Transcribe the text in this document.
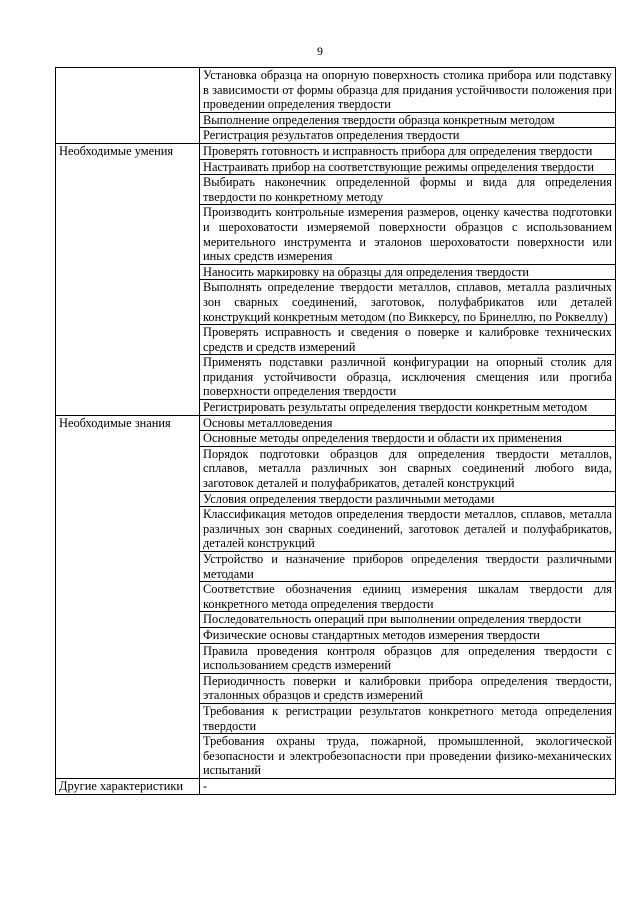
9
	Установка образца на опорную поверхность столика прибора или подставку в зависимости от формы образца для придания устойчивости положения при проведении определения твердости
	Выполнение определения твердости образца конкретным методом
	Регистрация результатов определения твердости
Необходимые умения	Проверять готовность и исправность прибора для определения твердости
	Настраивать прибор на соответствующие режимы определения твердости
	Выбирать наконечник определенной формы и вида для определения твердости по конкретному методу
	Производить контрольные измерения размеров, оценку качества подготовки и шероховатости измеряемой поверхности образцов с использованием мерительного инструмента и эталонов шероховатости поверхности или иных средств измерения
	Наносить маркировку на образцы для определения твердости
	Выполнять определение твердости металлов, сплавов, металла различных зон сварных соединений, заготовок, полуфабрикатов или деталей конструкций конкретным методом (по Виккерсу, по Бринеллю, по Роквеллу)
	Проверять исправность и сведения о поверке и калибровке технических средств и средств измерений
	Применять подставки различной конфигурации на опорный столик для придания устойчивости образца, исключения смещения или прогиба поверхности определения твердости
	Регистрировать результаты определения твердости конкретным методом
Необходимые знания	Основы металловедения
	Основные методы определения твердости и области их применения
	Порядок подготовки образцов для определения твердости металлов, сплавов, металла различных зон сварных соединений любого вида, заготовок деталей и полуфабрикатов, деталей конструкций
	Условия определения твердости различными методами
	Классификация методов определения твердости металлов, сплавов, металла различных зон сварных соединений, заготовок деталей и полуфабрикатов, деталей конструкций
	Устройство и назначение приборов определения твердости различными методами
	Соответствие обозначения единиц измерения шкалам твердости для конкретного метода определения твердости
	Последовательность операций при выполнении определения твердости
	Физические основы стандартных методов измерения твердости
	Правила проведения контроля образцов для определения твердости с использованием средств измерений
	Периодичность поверки и калибровки прибора определения твердости, эталонных образцов и средств измерений
	Требования к регистрации результатов конкретного метода определения твердости
	Требования охраны труда, пожарной, промышленной, экологической безопасности и электробезопасности при проведении физико-механических испытаний
Другие характеристики	-
